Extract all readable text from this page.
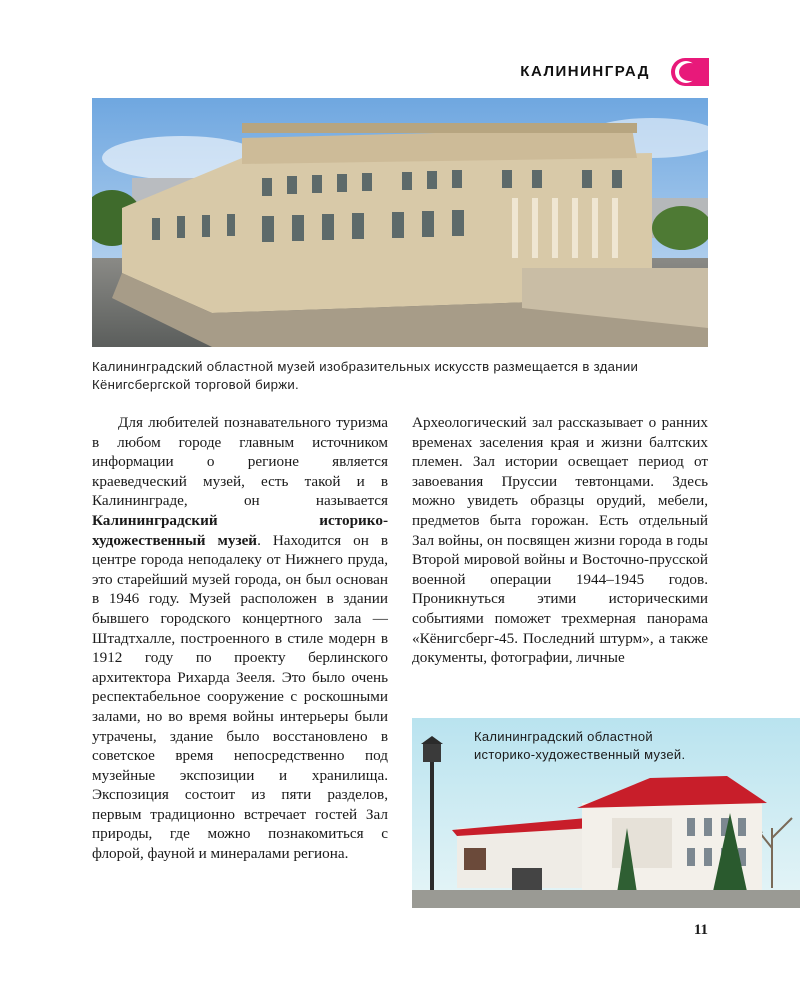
КАЛИНИНГРАД
Калининградский областной музей изобразительных искусств размещается в здании Кёнигсбергской торговой биржи.

Для любителей познавательного туризма в любом городе главным источником информации о регионе является краеведческий музей, есть такой и в Калининграде, он называется Калининградский историко-художественный музей. Находится он в центре города неподалеку от Нижнего пруда, это старейший музей города, он был основан в 1946 году. Музей расположен в здании бывшего городского концертного зала — Штадтхалле, построенного в стиле модерн в 1912 году по проекту берлинского архитектора Рихарда Зееля. Это было очень респектабельное сооружение с роскошными залами, но во время войны интерьеры были утрачены, здание было восстановлено в советское время непосредственно под музейные экспозиции и хранилища. Экспозиция состоит из пяти разделов, первым традиционно встречает гостей Зал природы, где можно познакомиться с флорой, фауной и минералами региона.

Археологический зал рассказывает о ранних временах заселения края и жизни балтских племен. Зал истории освещает период от завоевания Пруссии тевтонцами. Здесь можно увидеть образцы орудий, мебели, предметов быта горожан. Есть отдельный Зал войны, он посвящен жизни города в годы Второй мировой войны и Восточно-прусской военной операции 1944–1945 годов. Проникнуться этими историческими событиями поможет трехмерная панорама «Кёнигсберг-45. Последний штурм», а также документы, фотографии, личные

Калининградский областной историко-художественный музей.
11
